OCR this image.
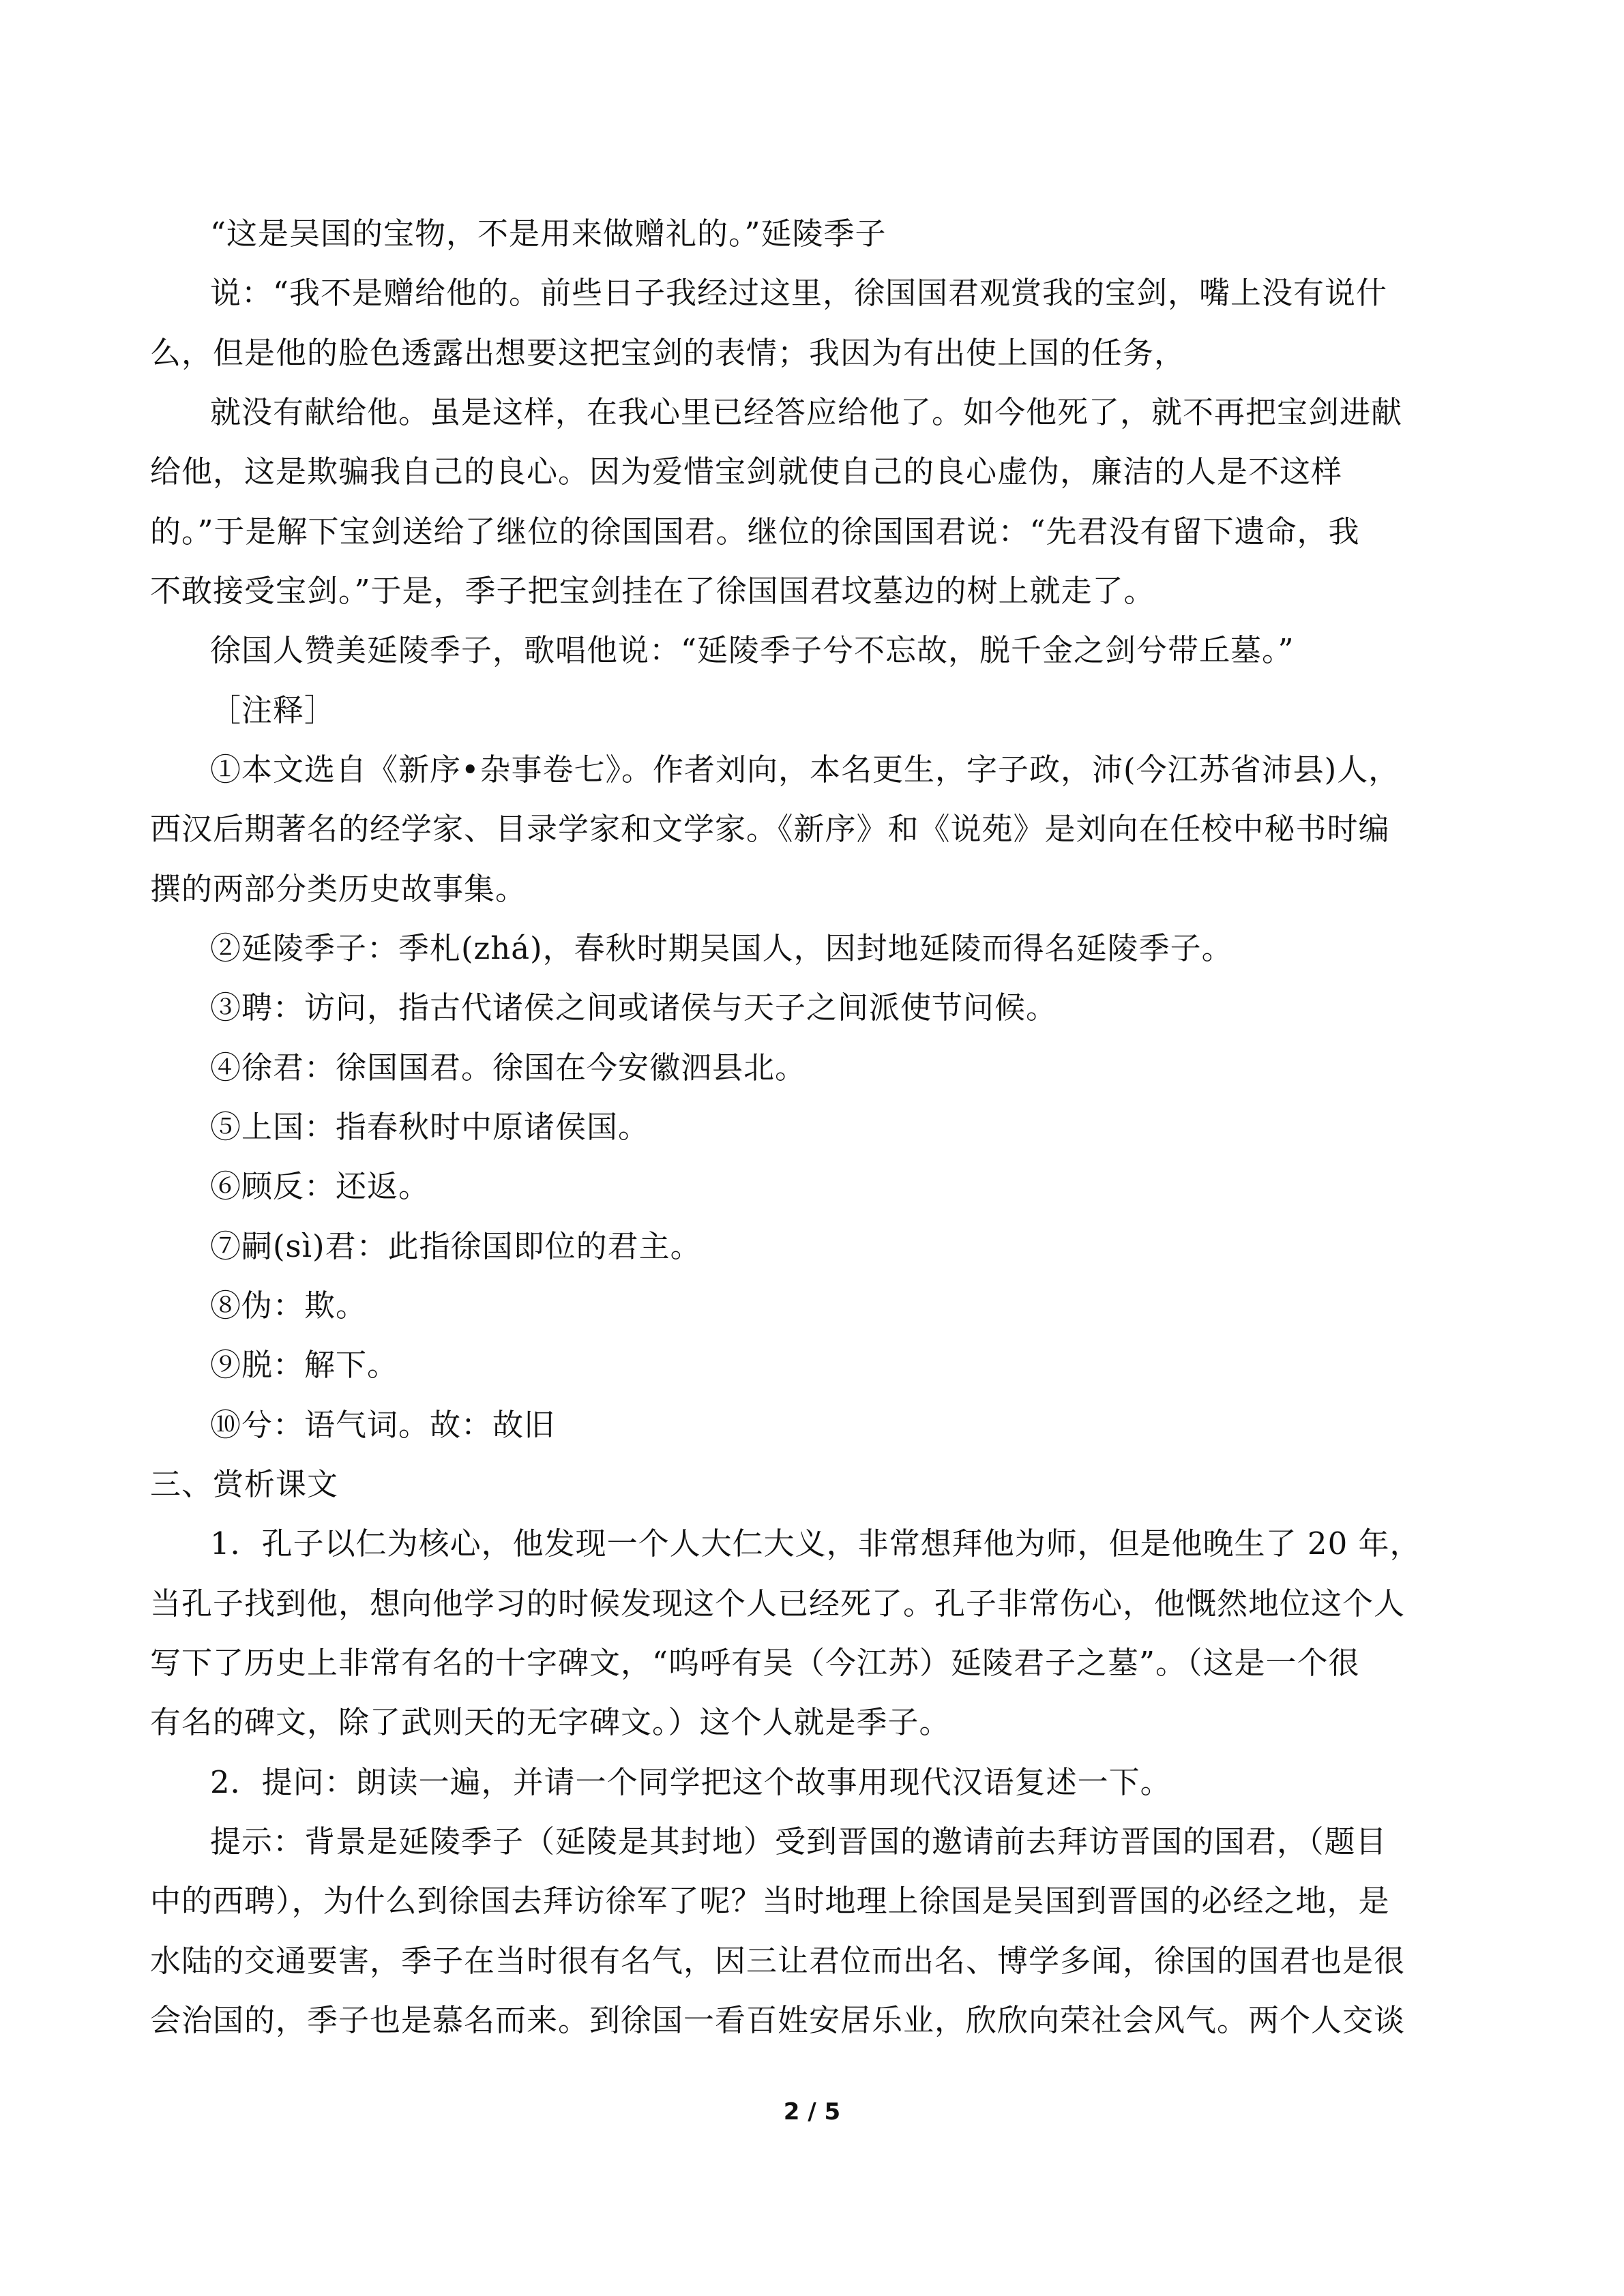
“这是吴国的宝物，不是用来做赠礼的。”延陵季子
说：“我不是赠给他的。前些日子我经过这里，徐国国君观赏我的宝剑，嘴上没有说什
么，但是他的脸色透露出想要这把宝剑的表情；我因为有出使上国的任务，
就没有献给他。虽是这样，在我心里已经答应给他了。如今他死了，就不再把宝剑进献
给他，这是欺骗我自己的良心。因为爱惜宝剑就使自己的良心虚伪，廉洁的人是不这样
的。”于是解下宝剑送给了继位的徐国国君。继位的徐国国君说：“先君没有留下遗命，我
不敢接受宝剑。”于是，季子把宝剑挂在了徐国国君坟墓边的树上就走了。
徐国人赞美延陵季子，歌唱他说：“延陵季子兮不忘故，脱千金之剑兮带丘墓。”
［注释］
①本文选自《新序•杂事卷七》。作者刘向，本名更生，字子政，沛(今江苏省沛县)人，
西汉后期著名的经学家、目录学家和文学家。《新序》和《说苑》是刘向在任校中秘书时编
撰的两部分类历史故事集。
②延陵季子：季札(zhá)，春秋时期吴国人，因封地延陵而得名延陵季子。
③聘：访问，指古代诸侯之间或诸侯与天子之间派使节问候。
④徐君：徐国国君。徐国在今安徽泗县北。
⑤上国：指春秋时中原诸侯国。
⑥顾反：还返。
⑦嗣(sì)君：此指徐国即位的君主。
⑧伪：欺。
⑨脱：解下。
⑩兮：语气词。故：故旧
三、赏析课文
1．孔子以仁为核心，他发现一个人大仁大义，非常想拜他为师，但是他晚生了 20 年，
当孔子找到他，想向他学习的时候发现这个人已经死了。孔子非常伤心，他慨然地位这个人
写下了历史上非常有名的十字碑文，“呜呼有吴（今江苏）延陵君子之墓”。（这是一个很
有名的碑文，除了武则天的无字碑文。）这个人就是季子。
2．提问：朗读一遍，并请一个同学把这个故事用现代汉语复述一下。
提示：背景是延陵季子（延陵是其封地）受到晋国的邀请前去拜访晋国的国君，（题目
中的西聘），为什么到徐国去拜访徐军了呢？当时地理上徐国是吴国到晋国的必经之地，是
水陆的交通要害，季子在当时很有名气，因三让君位而出名、博学多闻，徐国的国君也是很
会治国的，季子也是慕名而来。到徐国一看百姓安居乐业，欣欣向荣社会风气。两个人交谈
2 / 5
